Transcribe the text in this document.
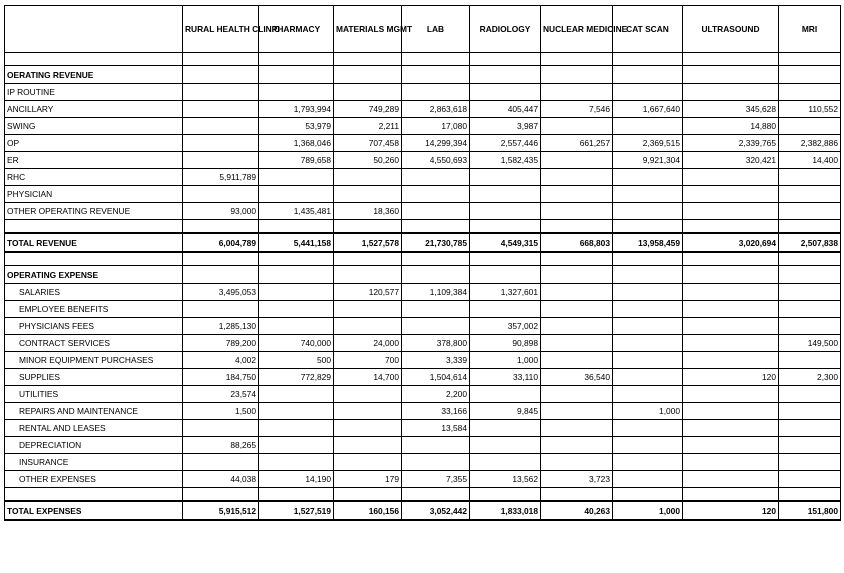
	RURAL HEALTH CLINIC	PHARMACY	MATERIALS MGMT	LAB	RADIOLOGY	NUCLEAR MEDICINE	CAT SCAN	ULTRASOUND	MRI

OERATING REVENUE									
IP ROUTINE									
ANCILLARY		1,793,994	749,289	2,863,618	405,447	7,546	1,667,640	345,628	110,552
SWING		53,979	2,211	17,080	3,987			14,880	
OP		1,368,046	707,458	14,299,394	2,557,446	661,257	2,369,515	2,339,765	2,382,886
ER		789,658	50,260	4,550,693	1,582,435		9,921,304	320,421	14,400
RHC	5,911,789								
PHYSICIAN									
OTHER OPERATING REVENUE	93,000	1,435,481	18,360						

TOTAL REVENUE	6,004,789	5,441,158	1,527,578	21,730,785	4,549,315	668,803	13,958,459	3,020,694	2,507,838

OPERATING EXPENSE									
SALARIES	3,495,053		120,577	1,109,384	1,327,601				
EMPLOYEE BENEFITS									
PHYSICIANS FEES	1,285,130				357,002				
CONTRACT SERVICES	789,200	740,000	24,000	378,800	90,898				149,500
MINOR EQUIPMENT PURCHASES	4,002	500	700	3,339	1,000				
SUPPLIES	184,750	772,829	14,700	1,504,614	33,110	36,540		120	2,300
UTILITIES	23,574			2,200					
REPAIRS AND MAINTENANCE	1,500			33,166	9,845		1,000		
RENTAL AND LEASES				13,584					
DEPRECIATION	88,265								
INSURANCE									
OTHER EXPENSES	44,038	14,190	179	7,355	13,562	3,723			

TOTAL EXPENSES	5,915,512	1,527,519	160,156	3,052,442	1,833,018	40,263	1,000	120	151,800
